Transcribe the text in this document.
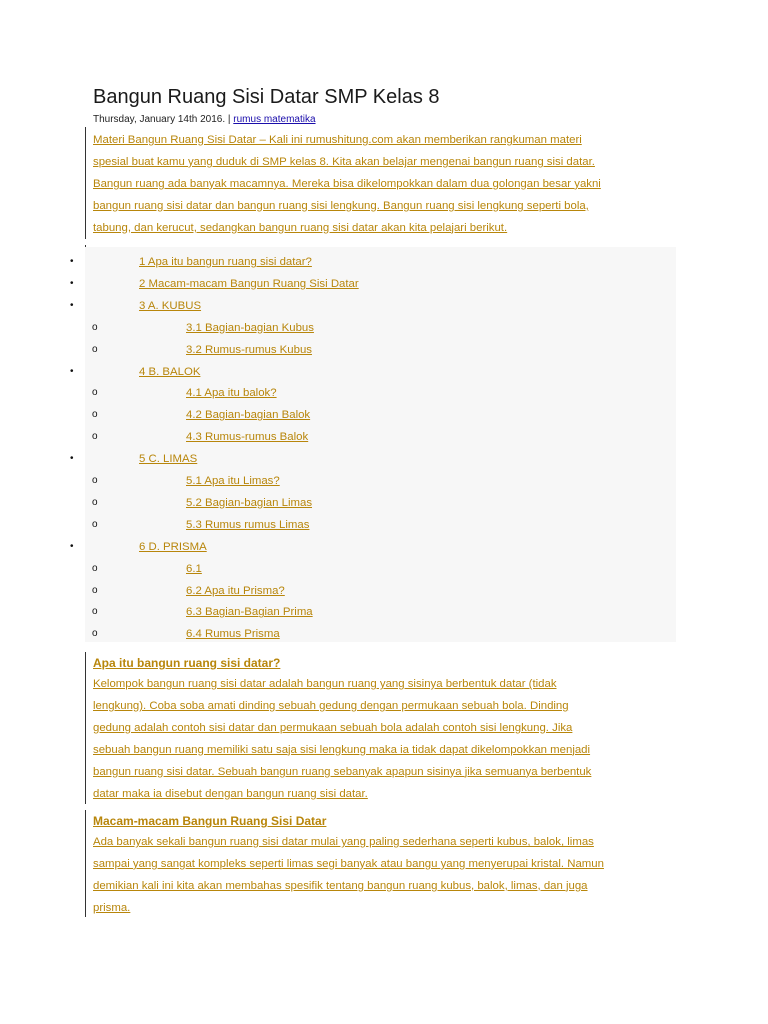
Bangun Ruang Sisi Datar SMP Kelas 8
Thursday, January 14th 2016. | rumus matematika
Materi Bangun Ruang Sisi Datar – Kali ini rumushitung.com akan memberikan rangkuman materi
spesial buat kamu yang duduk di SMP kelas 8. Kita akan belajar mengenai bangun ruang sisi datar.
Bangun ruang ada banyak macamnya. Mereka bisa dikelompokkan dalam dua golongan besar yakni
bangun ruang sisi datar dan bangun ruang sisi lengkung. Bangun ruang sisi lengkung seperti bola,
tabung, dan kerucut, sedangkan bangun ruang sisi datar akan kita pelajari berikut.
1 Apa itu bangun ruang sisi datar?
2 Macam-macam Bangun Ruang Sisi Datar
3 A. KUBUS
3.1 Bagian-bagian Kubus
3.2 Rumus-rumus Kubus
4 B. BALOK
4.1 Apa itu balok?
4.2 Bagian-bagian Balok
4.3 Rumus-rumus Balok
5 C. LIMAS
5.1 Apa itu Limas?
5.2 Bagian-bagian Limas
5.3 Rumus rumus Limas
6 D. PRISMA
6.1
6.2 Apa itu Prisma?
6.3 Bagian-Bagian Prima
6.4 Rumus Prisma
•
•
•
o
o
•
o
o
o
•
o
o
o
•
o
o
o
o
Apa itu bangun ruang sisi datar?
Kelompok bangun ruang sisi datar adalah bangun ruang yang sisinya berbentuk datar (tidak
lengkung). Coba soba amati dinding sebuah gedung dengan permukaan sebuah bola. Dinding
gedung adalah contoh sisi datar dan permukaan sebuah bola adalah contoh sisi lengkung. Jika
sebuah bangun ruang memiliki satu saja sisi lengkung maka ia tidak dapat dikelompokkan menjadi
bangun ruang sisi datar. Sebuah bangun ruang sebanyak apapun sisinya jika semuanya berbentuk
datar maka ia disebut dengan bangun ruang sisi datar.
Macam-macam Bangun Ruang Sisi Datar
Ada banyak sekali bangun ruang sisi datar mulai yang paling sederhana seperti kubus, balok, limas
sampai yang sangat kompleks seperti limas segi banyak atau bangu yang menyerupai kristal. Namun
demikian kali ini kita akan membahas spesifik tentang bangun ruang kubus, balok, limas, dan juga
prisma.
